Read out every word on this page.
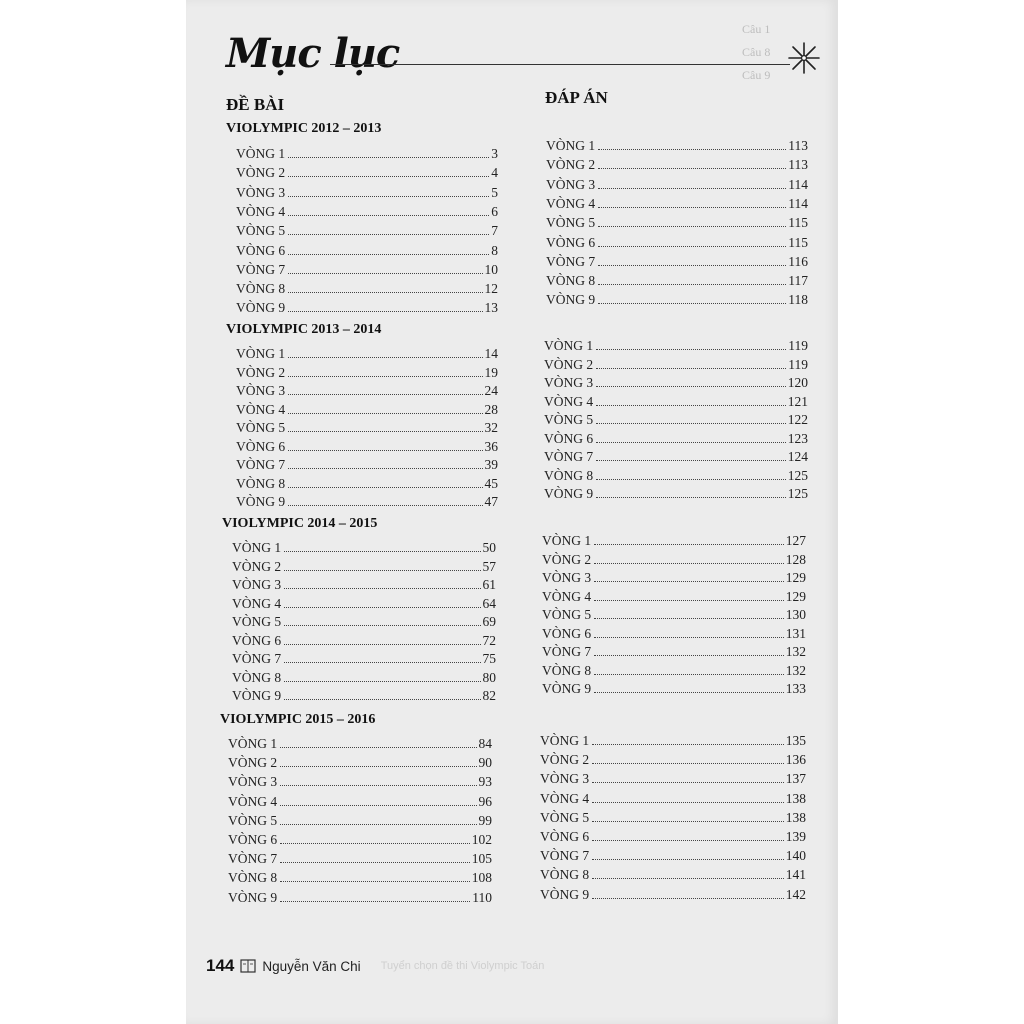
Câu 1
Câu 8
Câu 9
Mục lục
ĐỀ BÀI	ĐÁP ÁN
VIOLYMPIC 2012 – 2013
VÒNG 1	3
VÒNG 2	4
VÒNG 3	5
VÒNG 4	6
VÒNG 5	7
VÒNG 6	8
VÒNG 7	10
VÒNG 8	12
VÒNG 9	13
VÒNG 1	113
VÒNG 2	113
VÒNG 3	114
VÒNG 4	114
VÒNG 5	115
VÒNG 6	115
VÒNG 7	116
VÒNG 8	117
VÒNG 9	118
VIOLYMPIC 2013 – 2014
VÒNG 1	14
VÒNG 2	19
VÒNG 3	24
VÒNG 4	28
VÒNG 5	32
VÒNG 6	36
VÒNG 7	39
VÒNG 8	45
VÒNG 9	47
VÒNG 1	119
VÒNG 2	119
VÒNG 3	120
VÒNG 4	121
VÒNG 5	122
VÒNG 6	123
VÒNG 7	124
VÒNG 8	125
VÒNG 9	125
VIOLYMPIC 2014 – 2015
VÒNG 1	50
VÒNG 2	57
VÒNG 3	61
VÒNG 4	64
VÒNG 5	69
VÒNG 6	72
VÒNG 7	75
VÒNG 8	80
VÒNG 9	82
VÒNG 1	127
VÒNG 2	128
VÒNG 3	129
VÒNG 4	129
VÒNG 5	130
VÒNG 6	131
VÒNG 7	132
VÒNG 8	132
VÒNG 9	133
VIOLYMPIC 2015 – 2016
VÒNG 1	84
VÒNG 2	90
VÒNG 3	93
VÒNG 4	96
VÒNG 5	99
VÒNG 6	102
VÒNG 7	105
VÒNG 8	108
VÒNG 9	110
VÒNG 1	135
VÒNG 2	136
VÒNG 3	137
VÒNG 4	138
VÒNG 5	138
VÒNG 6	139
VÒNG 7	140
VÒNG 8	141
VÒNG 9	142
144 Nguyễn Văn Chi Tuyển chọn đề thi Violympic Toán
